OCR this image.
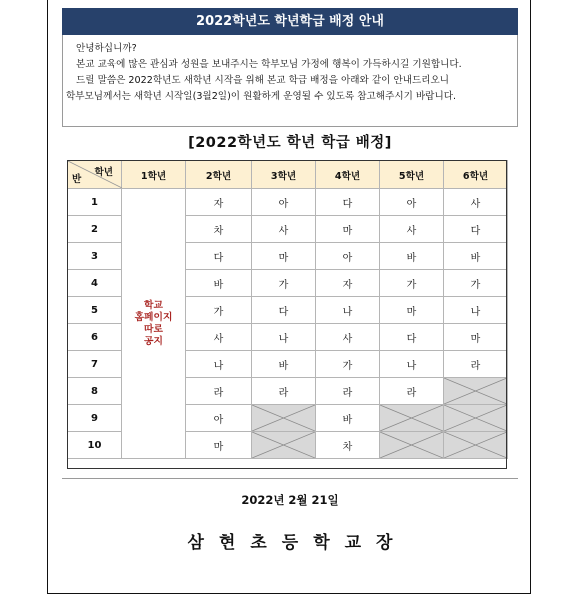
2022학년도 학년학급 배정 안내

안녕하십니까?

본교 교육에 많은 관심과 성원을 보내주시는 학부모님 가정에 행복이 가득하시길 기원합니다.

드릴 말씀은 2022학년도 새학년 시작을 위해 본교 학급 배정을 아래와 같이 안내드리오니

학부모님께서는 새학년 시작일(3월2일)이 원활하게 운영될 수 있도록 참고해주시기 바랍니다.

[2022학년도 학년 학급 배정]
학년
반	1학년	2학년	3학년	4학년	5학년	6학년
1	학교
홈페이지
따로
공지	자	아	다	아	사
2		차	사	마	사	다
3		다	마	아	바	바
4		바	가	자	가	가
5		가	다	나	마	나
6		사	나	사	다	마
7		나	바	가	나	라
8		라	라	라	라	

9		아		바	

10		마		차	

2022년 2월 21일
삼현초등학교장
